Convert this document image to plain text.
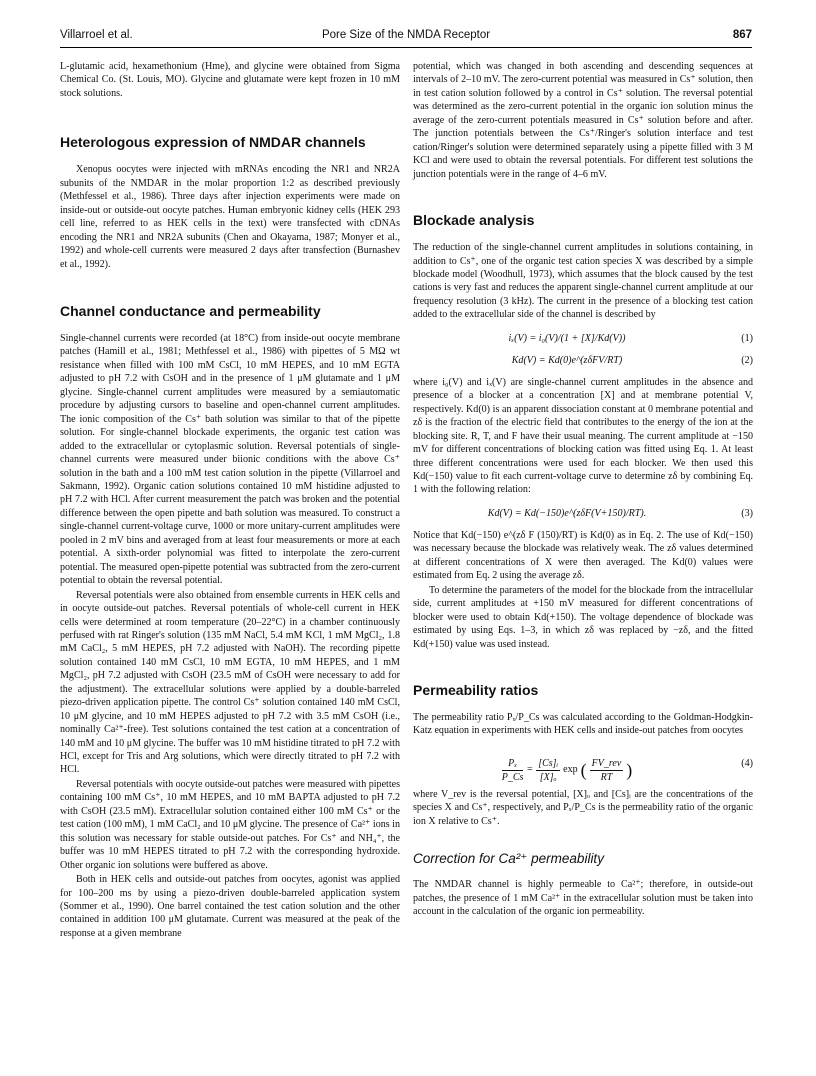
Villarroel et al.	Pore Size of the NMDA Receptor	867

L-glutamic acid, hexamethonium (Hme), and glycine were obtained from Sigma Chemical Co. (St. Louis, MO). Glycine and glutamate were kept frozen in 10 mM stock solutions.

Heterologous expression of NMDAR channels

Xenopus oocytes were injected with mRNAs encoding the NR1 and NR2A subunits of the NMDAR in the molar proportion 1:2 as described previously (Methfessel et al., 1986). Three days after injection experiments were made on inside-out or outside-out oocyte patches. Human embryonic kidney cells (HEK 293 cell line, referred to as HEK cells in the text) were transfected with cDNAs encoding the NR1 and NR2A subunits (Chen and Okayama, 1987; Monyer et al., 1992) and whole-cell currents were measured 2 days after transfection (Burnashev et al., 1992).

Channel conductance and permeability

Single-channel currents were recorded (at 18°C) from inside-out oocyte membrane patches (Hamill et al., 1981; Methfessel et al., 1986) with pipettes of 5 MΩ wt resistance when filled with 100 mM CsCl, 10 mM HEPES, and 10 mM EGTA adjusted to pH 7.2 with CsOH and in the presence of 1 μM glutamate and 1 μM glycine. Single-channel current amplitudes were measured by a semiautomatic procedure by adjusting cursors to baseline and open-channel current amplitudes. The ionic composition of the Cs⁺ bath solution was similar to that of the pipette solution. For single-channel blockade experiments, the organic test cation was added to the extracellular or cytoplasmic solution. Reversal potentials of single-channel currents were measured under biionic conditions with the above Cs⁺ solution in the bath and a 100 mM test cation solution in the pipette (Villarroel and Sakmann, 1992). Organic cation solutions contained 10 mM histidine adjusted to pH 7.2 with HCl. After current measurement the patch was broken and the potential difference between the open pipette and bath solution was measured. To construct a single-channel current-voltage curve, 1000 or more unitary-current amplitudes were pooled in 2 mV bins and averaged from at least four measurements or more at each potential. A sixth-order polynomial was fitted to interpolate the zero-current potential. The measured open-pipette potential was subtracted from the zero-current potential to obtain the reversal potential.

Reversal potentials were also obtained from ensemble currents in HEK cells and in oocyte outside-out patches. Reversal potentials of whole-cell current in HEK cells were determined at room temperature (20–22°C) in a chamber continuously perfused with rat Ringer's solution (135 mM NaCl, 5.4 mM KCl, 1 mM MgCl₂, 1.8 mM CaCl₂, 5 mM HEPES, pH 7.2 adjusted with NaOH). The recording pipette solution contained 140 mM CsCl, 10 mM EGTA, 10 mM HEPES, and 1 mM MgCl₂, pH 7.2 adjusted with CsOH (23.5 mM of CsOH were necessary to add for the adjustment). The extracellular solutions were applied by a double-barreled piezo-driven application pipette. The control Cs⁺ solution contained 140 mM CsCl, 10 μM glycine, and 10 mM HEPES adjusted to pH 7.2 with 3.5 mM CsOH (i.e., nominally Ca²⁺-free). Test solutions contained the test cation at a concentration of 140 mM and 10 μM glycine. The buffer was 10 mM histidine titrated to pH 7.2 with HCl, except for Tris and Arg solutions, which were directly titrated to pH 7.2 with HCl.

Reversal potentials with oocyte outside-out patches were measured with pipettes containing 100 mM Cs⁺, 10 mM HEPES, and 10 mM BAPTA adjusted to pH 7.2 with CsOH (23.5 mM). Extracellular solution contained either 100 mM Cs⁺ or the test cation (100 mM), 1 mM CaCl₂ and 10 μM glycine. The presence of Ca²⁺ ions in this solution was necessary for stable outside-out patches. For Cs⁺ and NH₄⁺, the buffer was 10 mM HEPES titrated to pH 7.2 with the corresponding hydroxide. Other organic ion solutions were buffered as above.

Both in HEK cells and outside-out patches from oocytes, agonist was applied for 100–200 ms by using a piezo-driven double-barreled application system (Sommer et al., 1990). One barrel contained the test cation solution and the other contained in addition 100 μM glutamate. Current was measured at the peak of the response at a given membrane

potential, which was changed in both ascending and descending sequences at intervals of 2–10 mV. The zero-current potential was measured in Cs⁺ solution, then in test cation solution followed by a control in Cs⁺ solution. The reversal potential was determined as the zero-current potential in the organic ion solution minus the average of the zero-current potentials measured in Cs⁺ solution before and after. The junction potentials between the Cs⁺/Ringer's solution interface and test cation/Ringer's solution were determined separately using a pipette filled with 3 M KCl and were used to obtain the reversal potentials. For different test solutions the junction potentials were in the range of 4–6 mV.

Blockade analysis

The reduction of the single-channel current amplitudes in solutions containing, in addition to Cs⁺, one of the organic test cation species X was described by a simple blockade model (Woodhull, 1973), which assumes that the block caused by the test cations is very fast and reduces the apparent single-channel current amplitude at our frequency resolution (3 kHz). The current in the presence of a blocking test cation added to the extracellular side of the channel is described by

iₓ(V) = i₀(V)/(1 + [X]/Kd(V))	(1)
Kd(V) = Kd(0)e^(zδFV/RT)	(2)

where i₀(V) and iₓ(V) are single-channel current amplitudes in the absence and presence of a blocker at a concentration [X] and at membrane potential V, respectively. Kd(0) is an apparent dissociation constant at 0 membrane potential and zδ is the fraction of the electric field that contributes to the energy of the ion at the blocking site. R, T, and F have their usual meaning. The current amplitude at −150 mV for different concentrations of blocking cation was fitted using Eq. 1. At least three different concentrations were used for each blocker. We then used this Kd(−150) value to fit each current-voltage curve to determine zδ by combining Eq. 1 with the following relation:

Kd(V) = Kd(−150)e^(zδF(V+150)/RT).	(3)

Notice that Kd(−150) e^(zδ F (150)/RT) is Kd(0) as in Eq. 2. The use of Kd(−150) was necessary because the blockade was relatively weak. The zδ values determined at different concentrations of X were then averaged. The Kd(0) values were estimated from Eq. 2 using the average zδ.

To determine the parameters of the model for the blockade from the intracellular side, current amplitudes at +150 mV measured for different concentrations of blocker were used to obtain Kd(+150). The voltage dependence of blockade was estimated by using Eqs. 1–3, in which zδ was replaced by −zδ, and the fitted Kd(+150) value was used instead.

Permeability ratios

The permeability ratio Pₓ/P_Cs was calculated according to the Goldman-Hodgkin-Katz equation in experiments with HEK cells and inside-out patches from oocytes

$\frac{\text{Pₓ}}{P\_Cs} = \frac{\text{[Cs]ᵢ}}{\text{[X]ₒ}}$ exp ( $\frac{\text{FV\_rev}}{RT}$ )	(4)

where V_rev is the reversal potential, [X]ₒ and [Cs]ᵢ are the concentrations of the species X and Cs⁺, respectively, and Pₓ/P_Cs is the permeability ratio of the organic ion X relative to Cs⁺.

Correction for Ca²⁺ permeability

The NMDAR channel is highly permeable to Ca²⁺; therefore, in outside-out patches, the presence of 1 mM Ca²⁺ in the extracellular solution must be taken into account in the calculation of the organic ion permeability.
